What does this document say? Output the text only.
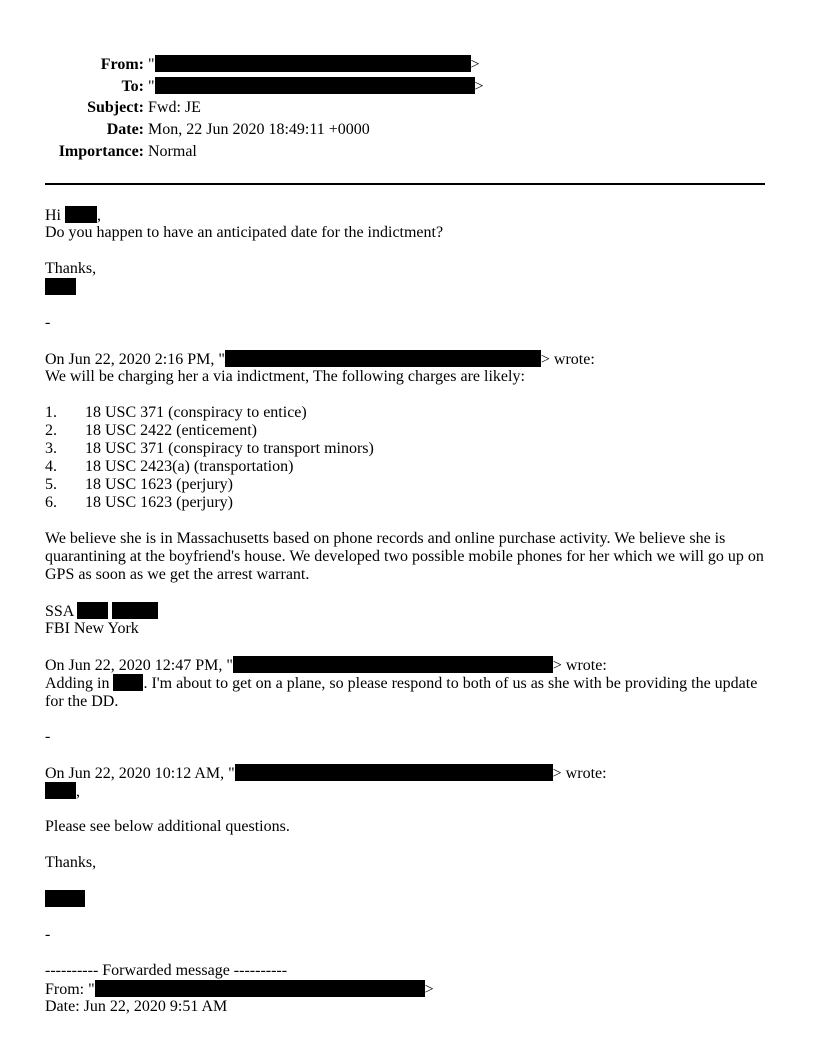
From: "	>
To: "	>
Subject: Fwd: JE
Date: Mon, 22 Jun 2020 18:49:11 +0000
Importance: Normal
Hi ,
Do you happen to have an anticipated date for the indictment?
Thanks,
-
On Jun 22, 2020 2:16 PM, "	> wrote:
We will be charging her a via indictment, The following charges are likely:
1. 18 USC 371 (conspiracy to entice)
2. 18 USC 2422 (enticement)
3. 18 USC 371 (conspiracy to transport minors)
4. 18 USC 2423(a) (transportation)
5. 18 USC 1623 (perjury)
6. 18 USC 1623 (perjury)
We believe she is in Massachusetts based on phone records and online purchase activity. We believe she is quarantining at the boyfriend's house. We developed two possible mobile phones for her which we will go up on GPS as soon as we get the arrest warrant.
SSA
FBI New York
On Jun 22, 2020 12:47 PM, "	> wrote:
Adding in . I'm about to get on a plane, so please respond to both of us as she with be providing the update for the DD.
-
On Jun 22, 2020 10:12 AM, "	> wrote:
,
Please see below additional questions.
Thanks,
-
---------- Forwarded message ----------
From: "	>
Date: Jun 22, 2020 9:51 AM
